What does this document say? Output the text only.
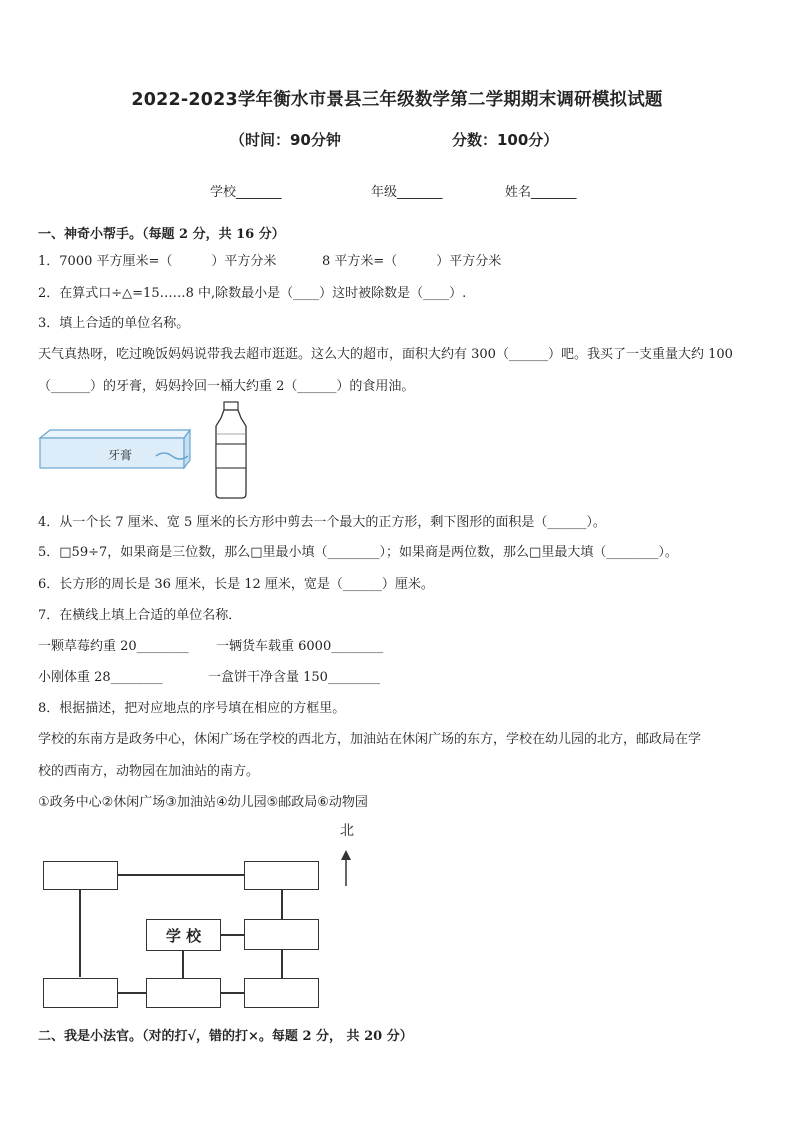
2022-2023学年衡水市景县三年级数学第二学期期末调研模拟试题
（时间：90分钟	分数：100分）
学校_______	年级_______	姓名_______
一、神奇小帮手。（每题 2 分，共 16 分）
1．7000 平方厘米=（　　　）平方分米	8 平方米=（　　　）平方分米
2．在算式口÷△=15……8 中,除数最小是（____）这时被除数是（____）.
3．填上合适的单位名称。
天气真热呀，吃过晚饭妈妈说带我去超市逛逛。这么大的超市，面积大约有 300（______）吧。我买了一支重量大约 100
（______）的牙膏，妈妈拎回一桶大约重 2（______）的食用油。
牙膏
4．从一个长 7 厘米、宽 5 厘米的长方形中剪去一个最大的正方形，剩下图形的面积是（______）。
5．□59÷7，如果商是三位数，那么□里最小填（________）；如果商是两位数，那么□里最大填（________）。
6．长方形的周长是 36 厘米，长是 12 厘米，宽是（______）厘米。
7．在横线上填上合适的单位名称．
一颗草莓约重 20________ 一辆货车载重 6000________
小刚体重 28________	一盒饼干净含量 150________
8．根据描述，把对应地点的序号填在相应的方框里。
学校的东南方是政务中心，休闲广场在学校的西北方，加油站在休闲广场的东方，学校在幼儿园的北方，邮政局在学
校的西南方，动物园在加油站的南方。
①政务中心②休闲广场③加油站④幼儿园⑤邮政局⑥动物园
北
学 校
二、我是小法官。（对的打√，错的打×。每题 2 分， 共 20 分）
